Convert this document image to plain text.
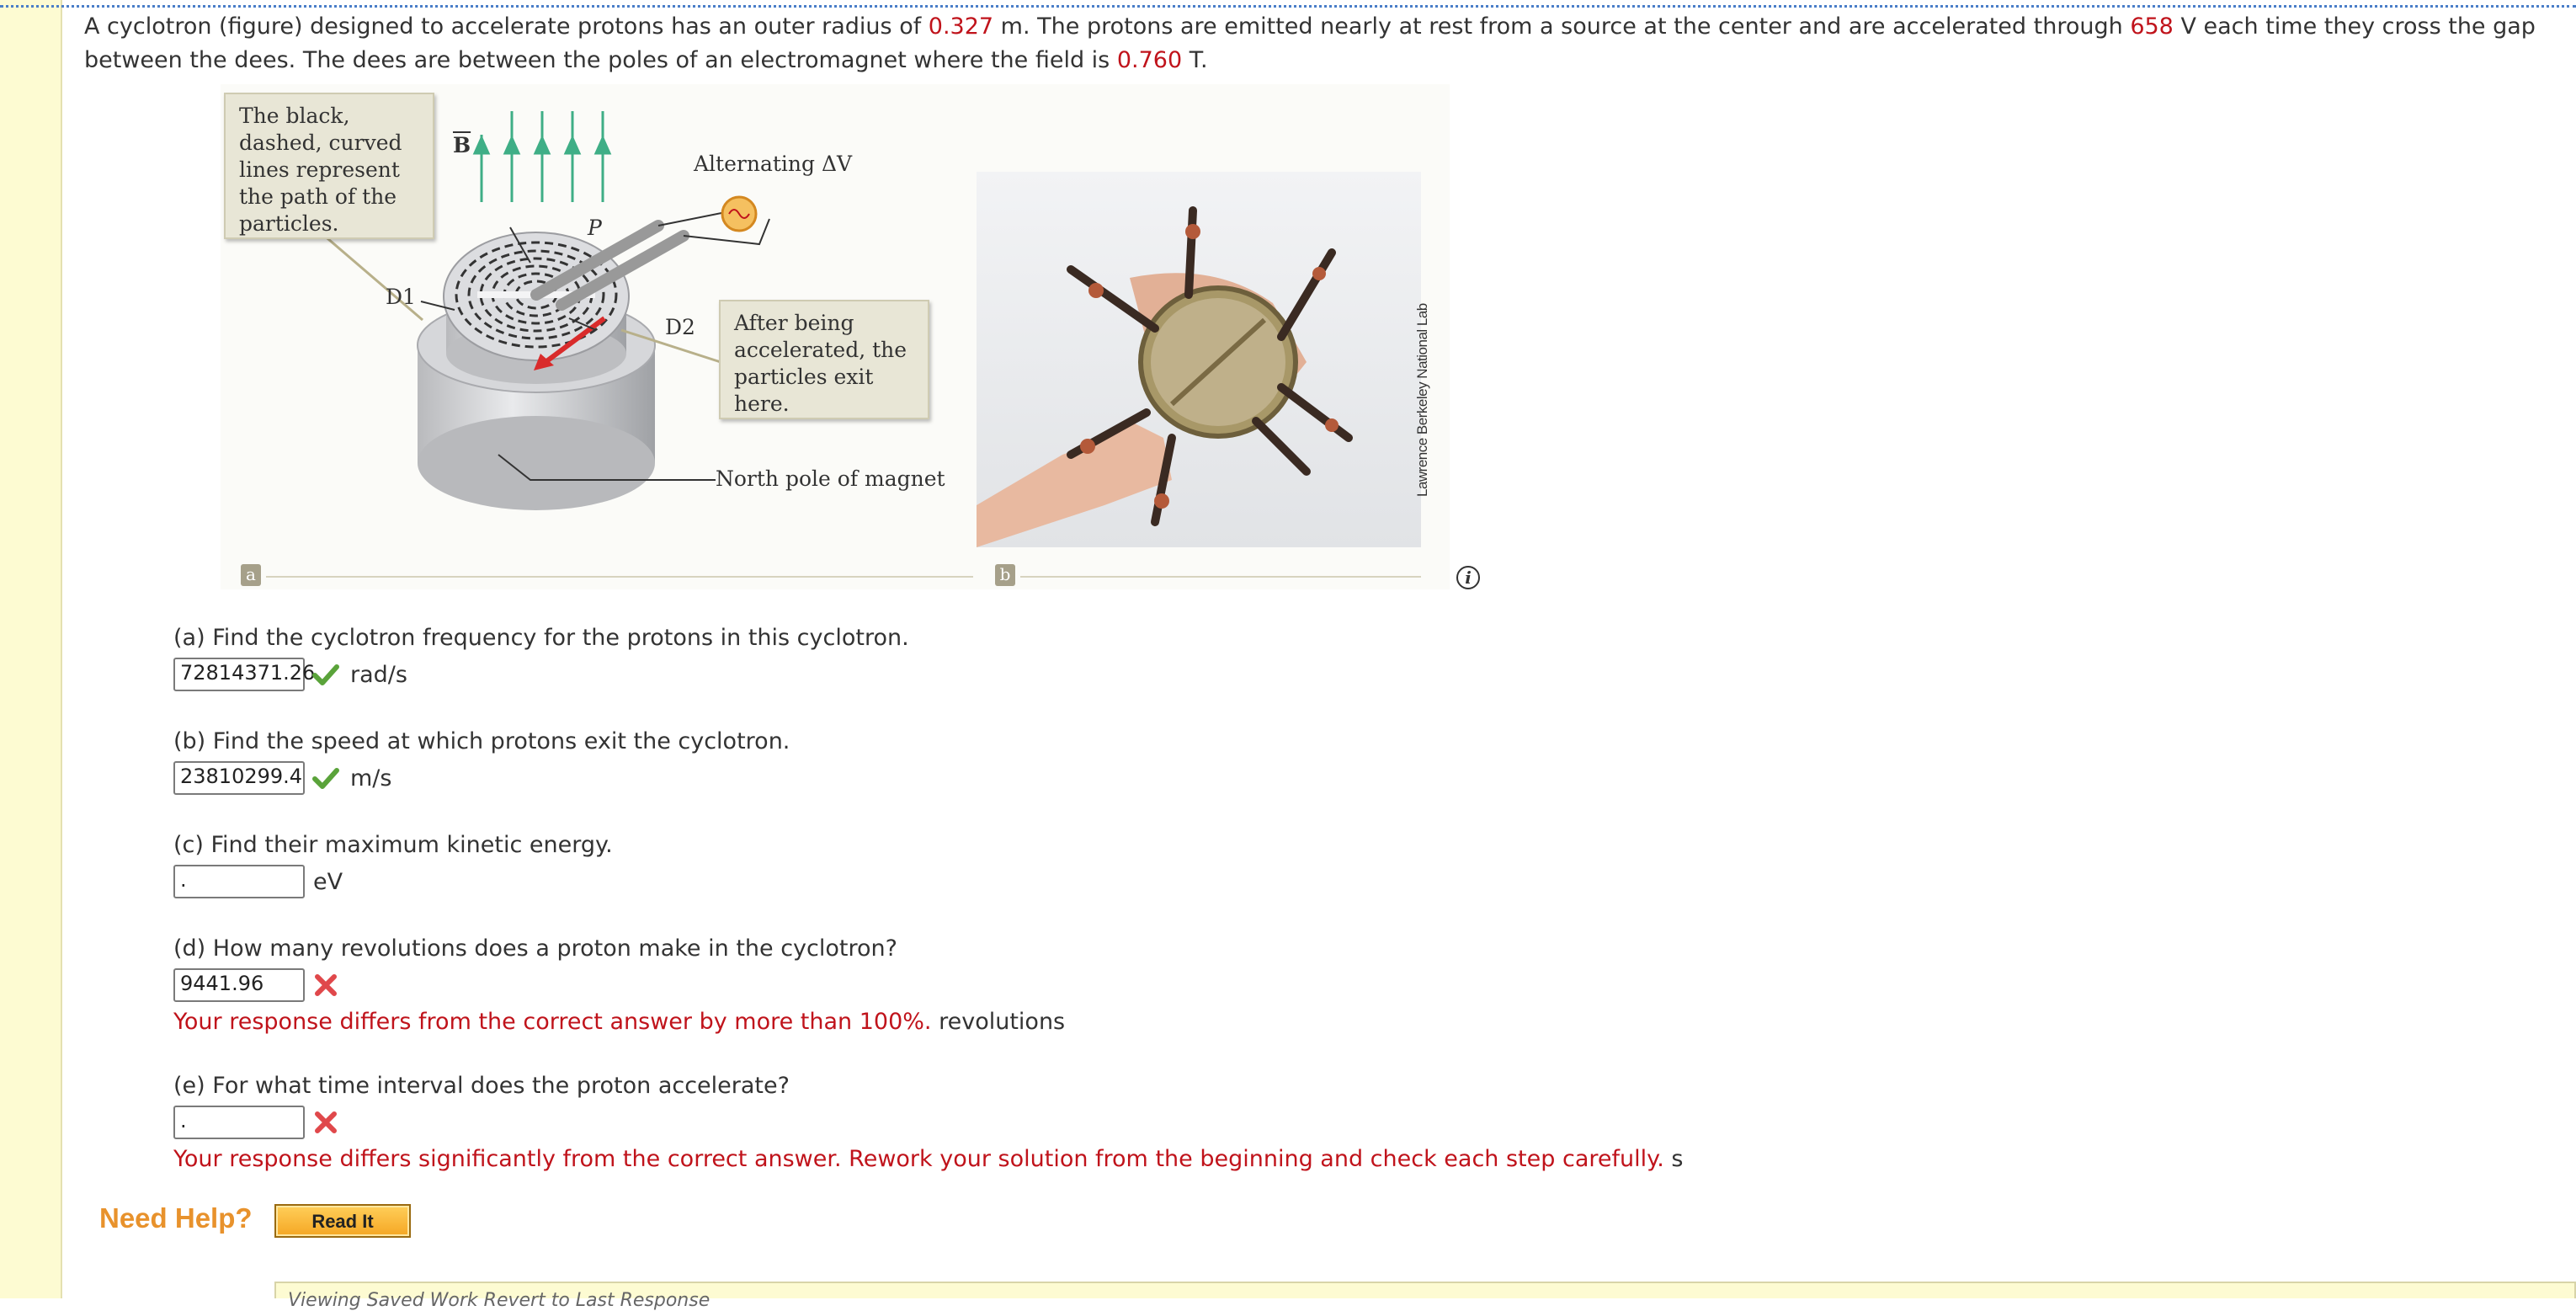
A cyclotron (figure) designed to accelerate protons has an outer radius of 0.327 m. The protons are emitted nearly at rest from a source at the center and are accelerated through 658 V each time they cross the gap between the dees. The dees are between the poles of an electromagnet where the field is 0.760 T.
The black, dashed, curved lines represent the path of the particles.
After being accelerated, the particles exit here.
$\overline{B}$
Alternating ΔV
P
D1
D2
North pole of magnet	Lawrence Berkeley National Lab
a	b	i
(a) Find the cyclotron frequency for the protons in this cyclotron.
72814371.26 rad/s
(b) Find the speed at which protons exit the cyclotron.
23810299.4 m/s
(c) Find their maximum kinetic energy.
.	eV
(d) How many revolutions does a proton make in the cyclotron?
9441.96
Your response differs from the correct answer by more than 100%. revolutions
(e) For what time interval does the proton accelerate?
.
Your response differs significantly from the correct answer. Rework your solution from the beginning and check each step carefully. s
Need Help?	Read It
Viewing Saved Work Revert to Last Response
